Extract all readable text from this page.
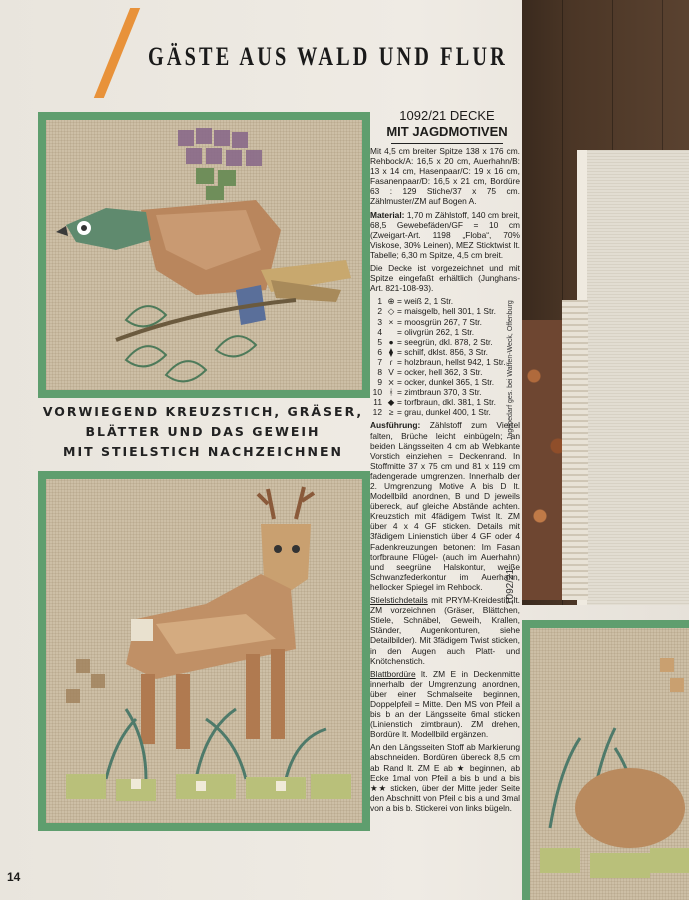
GÄSTE AUS WALD UND FLUR
VORWIEGEND KREUZSTICH, GRÄSER,
BLÄTTER UND DAS GEWEIH
MIT STIELSTICH NACHZEICHNEN
1092/21 DECKE
MIT JAGDMOTIVEN

Mit 4,5 cm breiter Spitze 138 x 176 cm. Rehbock/A: 16,5 x 20 cm, Auerhahn/B: 13 x 14 cm, Hasenpaar/C: 19 x 16 cm, Fasanenpaar/D: 16,5 x 21 cm, Bordüre 63 : 129 Stiche/37 x 75 cm. Zählmuster/ZM auf Bogen A.

Material: 1,70 m Zählstoff, 140 cm breit, 68,5 Gewebefäden/GF = 10 cm (Zweigart-Art. 1198 „Floba“, 70% Viskose, 30% Leinen), MEZ Sticktwist lt. Tabelle; 6,30 m Spitze, 4,5 cm breit.

Die Decke ist vorgezeichnet und mit Spitze eingefaßt erhältlich (Junghans-Art. 821-108-93).

1 ⊕ = weiß 2, 1 Str.
2 ◇ = maisgelb, hell 301, 1 Str.
3 × = moosgrün 267, 7 Str.
4 = olivgrün 262, 1 Str.
5 ● = seegrün, dkl. 878, 2 Str.
6 ⧫ = schilf, dklst. 856, 3 Str.
7 ɾ = holzbraun, hellst 942, 1 Str.
8 V = ocker, hell 362, 3 Str.
9 ⨯ = ocker, dunkel 365, 1 Str.
10 ᚼ = zimtbraun 370, 3 Str.
11 ◆ = torfbraun, dkl. 381, 1 Str.
12 ≥ = grau, dunkel 400, 1 Str.

Ausführung: Zählstoff zum Viertel falten, Brüche leicht einbügeln; an beiden Längsseiten 4 cm ab Webkante Vorstich einziehen = Deckenrand. In Stoffmitte 37 x 75 cm und 81 x 119 cm fadengerade umgrenzen. Innerhalb der 2. Umgrenzung Motive A bis D lt. Modellbild anordnen, B und D jeweils übereck, auf gleiche Abstände achten. Kreuzstich mit 4fädigem Twist lt. ZM über 4 x 4 GF sticken. Details mit 3fädigem Linienstich über 4 GF oder 4 Fadenkreuzungen betonen: Im Fasan torfbraune Flügel- (auch im Auerhahn) und seegrüne Halskontur, weiße Schwanzfederkontur im Auerhahn, hellocker Spiegel im Rehbock.

Stielstichdetails mit PRYM-Kreidestift lt. ZM vorzeichnen (Gräser, Blättchen, Stiele, Schnäbel, Geweih, Krallen, Ständer, Augenkonturen, siehe Detailbilder). Mit 3fädigem Twist sticken, in den Augen auch Platt- und Knötchenstich.

Blattbordüre lt. ZM E in Deckenmitte innerhalb der Umgrenzung anordnen, über einer Schmalseite beginnen, Doppelpfeil = Mitte. Den MS von Pfeil a bis b an der Längsseite 6mal sticken (Linienstich zimtbraun). ZM drehen, Bordüre lt. Modellbild ergänzen.

An den Längsseiten Stoff ab Markierung abschneiden. Bordüren übereck 8,5 cm ab Rand lt. ZM E ab ★ beginnen, ab Ecke 1mal von Pfeil a bis b und a bis ★★ sticken, über der Mitte jeder Seite den Abschnitt von Pfeil c bis a und 3mal von a bis b. Stickerei von links bügeln.

Jagdbedarf ges. bei Waffen-Weck, Offenburg
1092/21
14
